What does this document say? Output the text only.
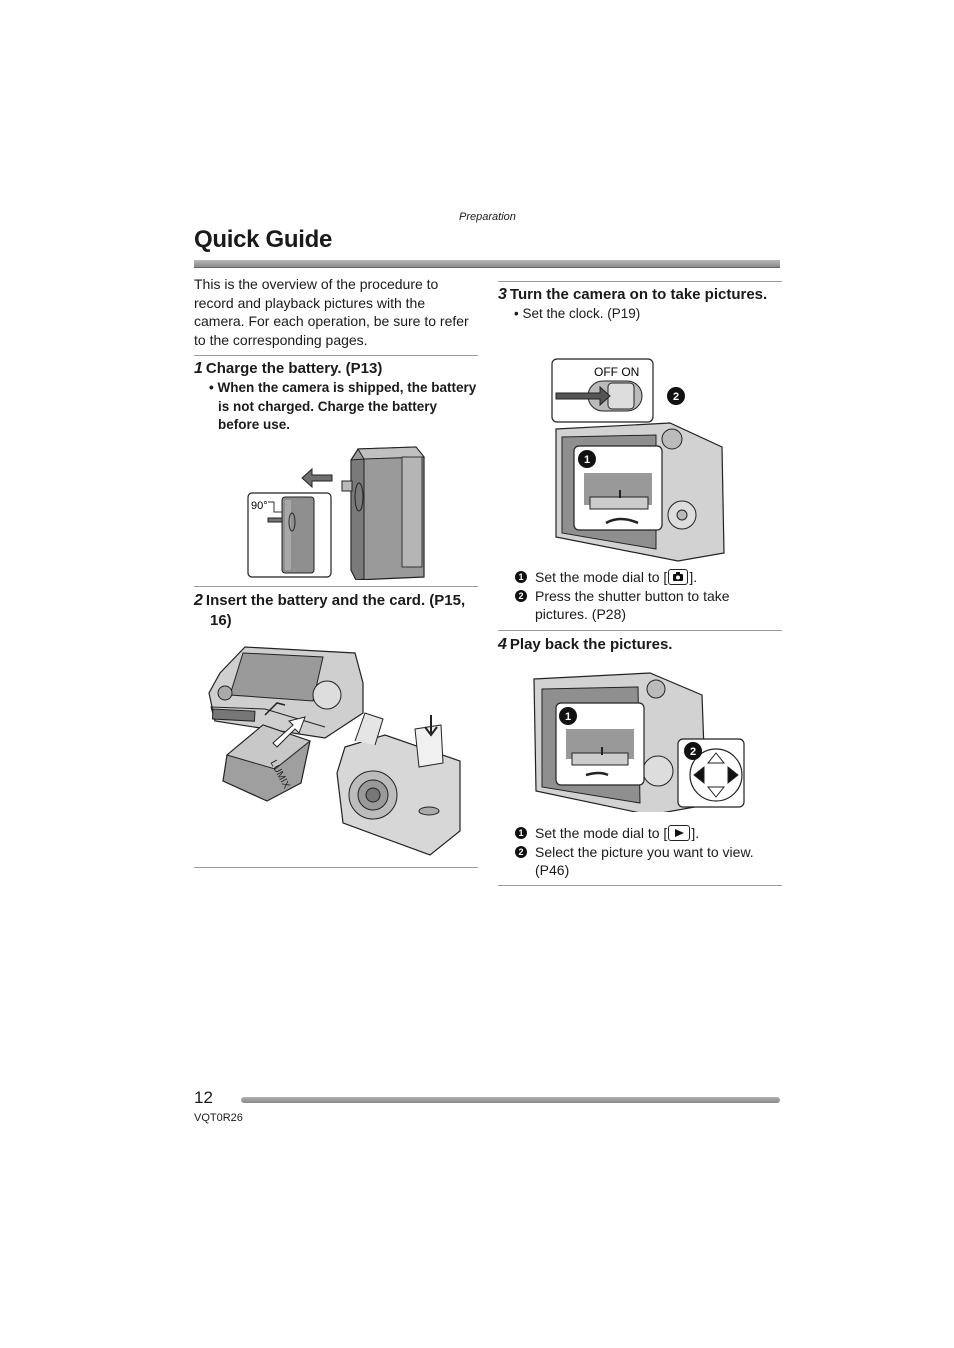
Preparation
Quick Guide
This is the overview of the procedure to record and playback pictures with the camera. For each operation, be sure to refer to the corresponding pages.
1 Charge the battery. (P13)
• When the camera is shipped, the battery is not charged. Charge the battery before use.
90°
2 Insert the battery and the card. (P15, 16)
LUMIX
3 Turn the camera on to take pictures.
• Set the clock. (P19)
OFF ON
1
2
1 Set the mode dial to [ ].
2 Press the shutter button to take pictures. (P28)
4 Play back the pictures.
1
2
1 Set the mode dial to [ ].
2 Select the picture you want to view. (P46)
12
VQT0R26
